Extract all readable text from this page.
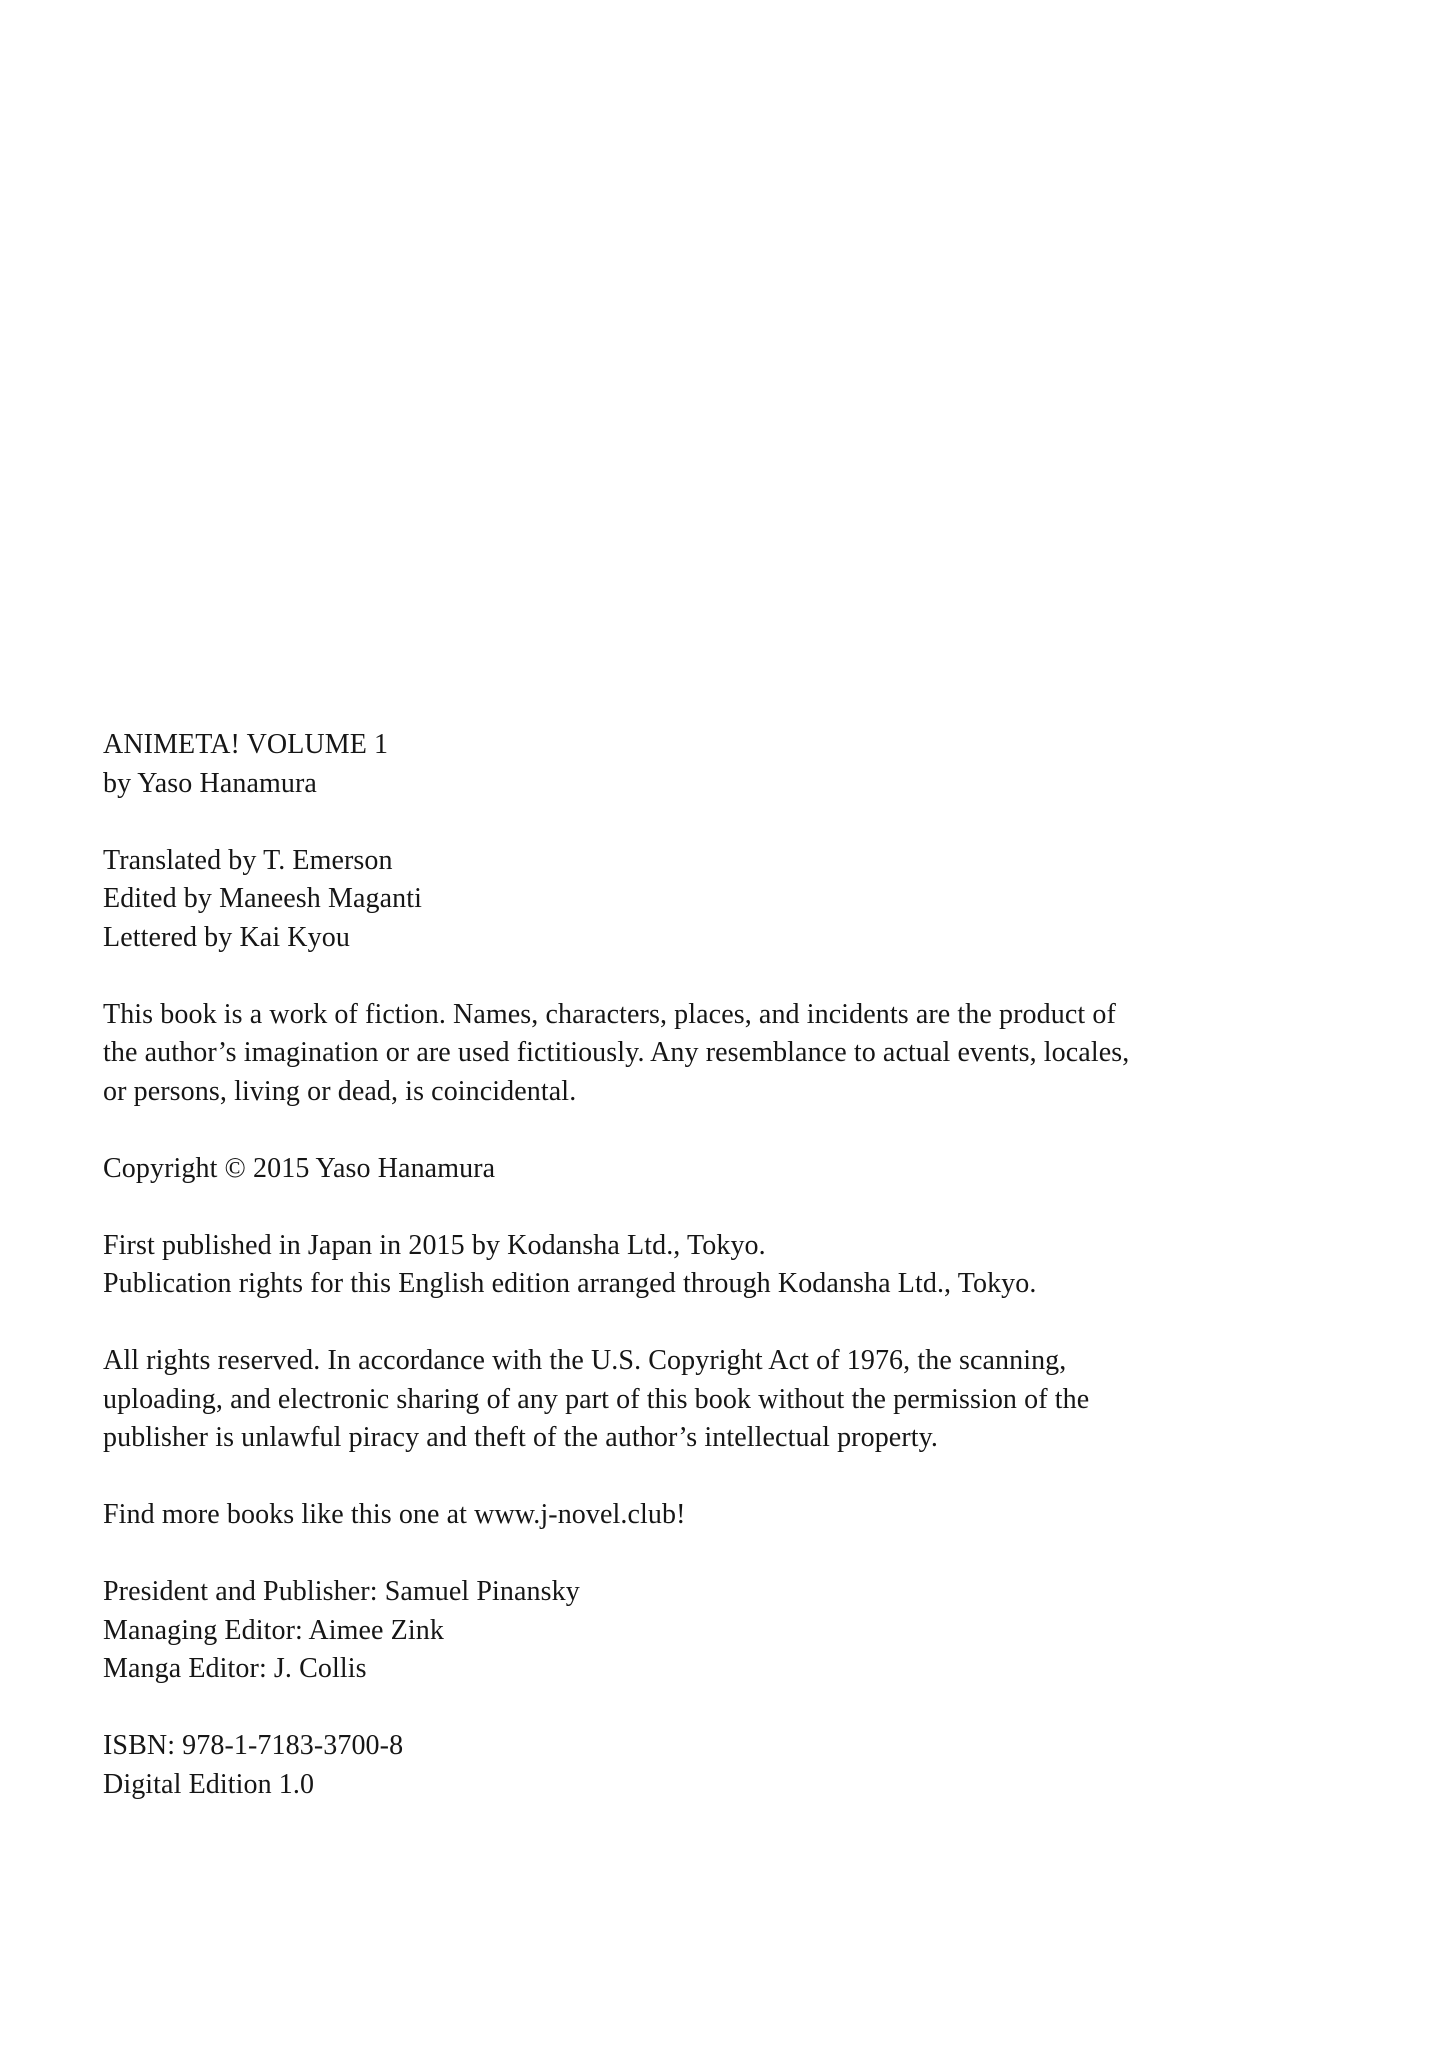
ANIMETA! VOLUME 1
by Yaso Hanamura
Translated by T. Emerson
Edited by Maneesh Maganti
Lettered by Kai Kyou
This book is a work of fiction. Names, characters, places, and incidents are the product of
the author’s imagination or are used fictitiously. Any resemblance to actual events, locales,
or persons, living or dead, is coincidental.
Copyright © 2015 Yaso Hanamura
First published in Japan in 2015 by Kodansha Ltd., Tokyo.
Publication rights for this English edition arranged through Kodansha Ltd., Tokyo.
All rights reserved. In accordance with the U.S. Copyright Act of 1976, the scanning,
uploading, and electronic sharing of any part of this book without the permission of the
publisher is unlawful piracy and theft of the author’s intellectual property.
Find more books like this one at www.j-novel.club!
President and Publisher: Samuel Pinansky
Managing Editor: Aimee Zink
Manga Editor: J. Collis
ISBN: 978-1-7183-3700-8
Digital Edition 1.0
